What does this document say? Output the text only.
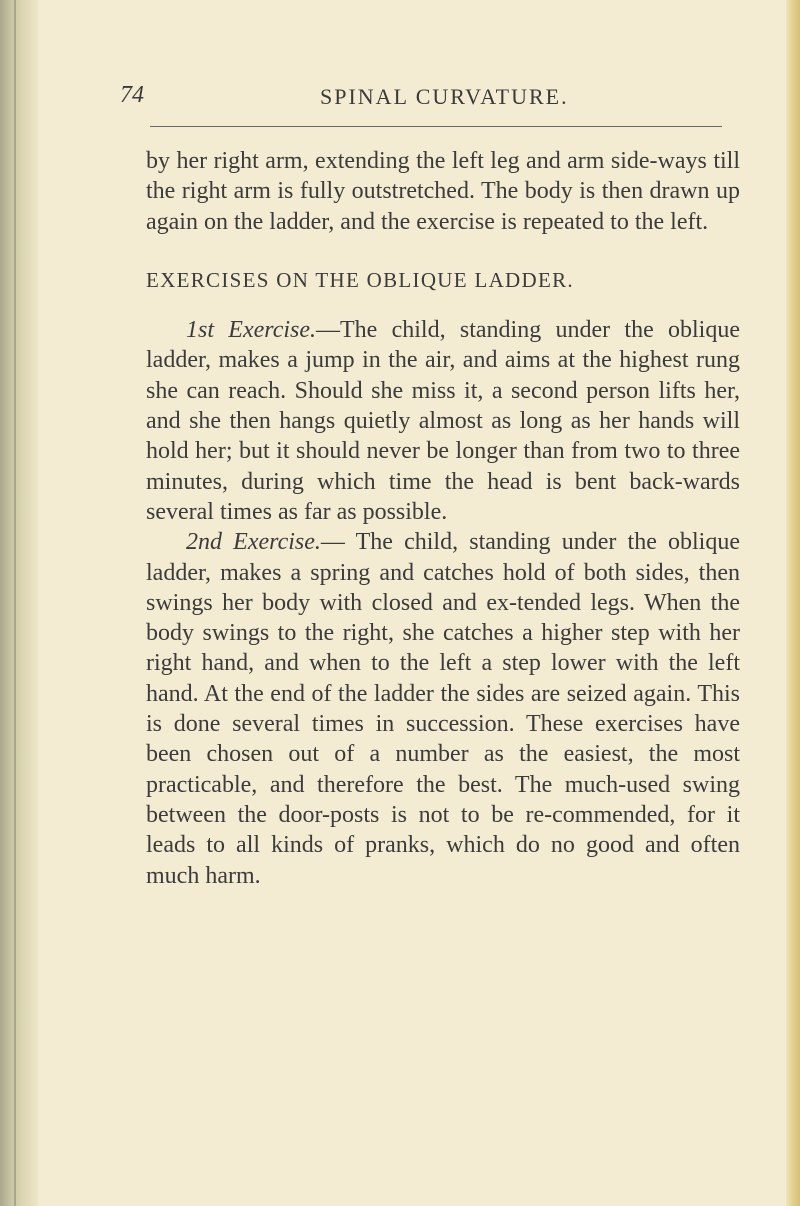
74	SPINAL CURVATURE.

by her right arm, extending the left leg and arm side-ways till the right arm is fully outstretched. The body is then drawn up again on the ladder, and the exercise is repeated to the left.

EXERCISES ON THE OBLIQUE LADDER.

1st Exercise.—The child, standing under the oblique ladder, makes a jump in the air, and aims at the highest rung she can reach. Should she miss it, a second person lifts her, and she then hangs quietly almost as long as her hands will hold her; but it should never be longer than from two to three minutes, during which time the head is bent back-wards several times as far as possible.

2nd Exercise.— The child, standing under the oblique ladder, makes a spring and catches hold of both sides, then swings her body with closed and ex-tended legs. When the body swings to the right, she catches a higher step with her right hand, and when to the left a step lower with the left hand. At the end of the ladder the sides are seized again. This is done several times in succession. These exercises have been chosen out of a number as the easiest, the most practicable, and therefore the best. The much-used swing between the door-posts is not to be re-commended, for it leads to all kinds of pranks, which do no good and often much harm.
